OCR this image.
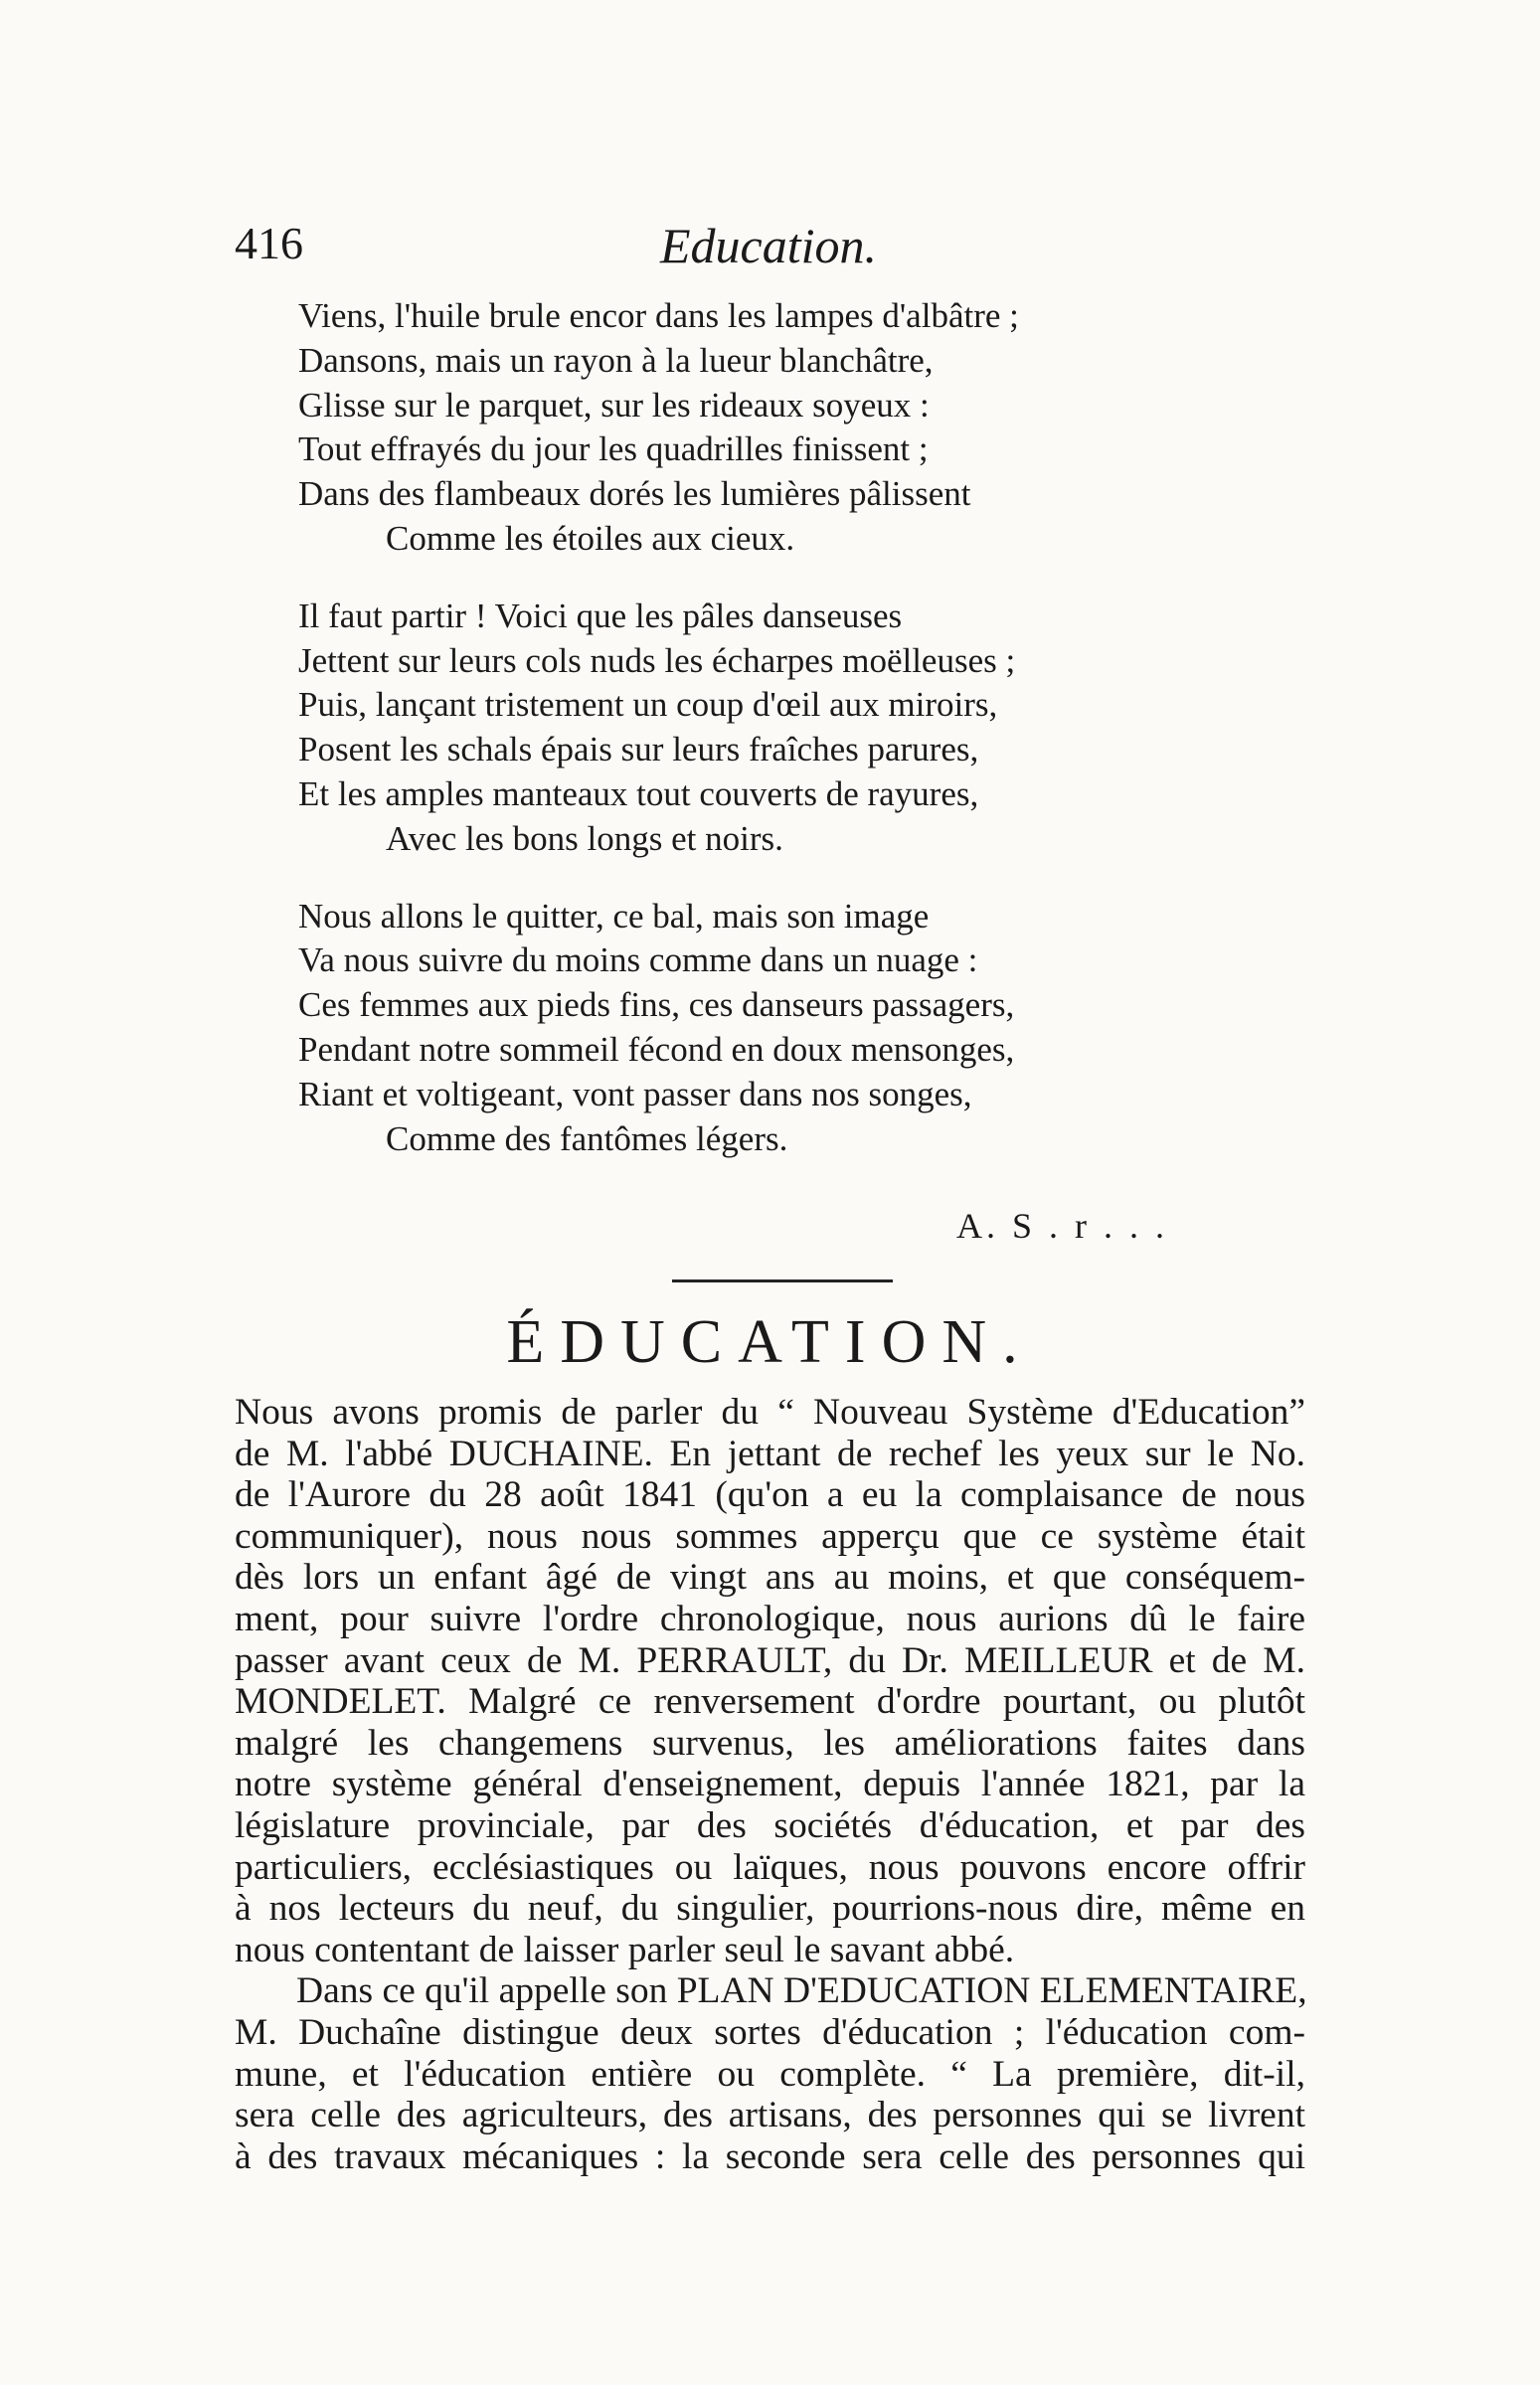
416	Education.
Viens, l'huile brule encor dans les lampes d'albâtre ;
Dansons, mais un rayon à la lueur blanchâtre,
Glisse sur le parquet, sur les rideaux soyeux :
Tout effrayés du jour les quadrilles finissent ;
Dans des flambeaux dorés les lumières pâlissent
Comme les étoiles aux cieux.
Il faut partir ! Voici que les pâles danseuses
Jettent sur leurs cols nuds les écharpes moëlleuses ;
Puis, lançant tristement un coup d'œil aux miroirs,
Posent les schals épais sur leurs fraîches parures,
Et les amples manteaux tout couverts de rayures,
Avec les bons longs et noirs.
Nous allons le quitter, ce bal, mais son image
Va nous suivre du moins comme dans un nuage :
Ces femmes aux pieds fins, ces danseurs passagers,
Pendant notre sommeil fécond en doux mensonges,
Riant et voltigeant, vont passer dans nos songes,
Comme des fantômes légers.
A. S . r . . .
ÉDUCATION.

Nous avons promis de parler du “ Nouveau Système d'Education”
de M. l'abbé DUCHAINE. En jettant de rechef les yeux sur le No.
de l'Aurore du 28 août 1841 (qu'on a eu la complaisance de nous
communiquer), nous nous sommes apperçu que ce système était
dès lors un enfant âgé de vingt ans au moins, et que conséquem-
ment, pour suivre l'ordre chronologique, nous aurions dû le faire
passer avant ceux de M. PERRAULT, du Dr. MEILLEUR et de M.
MONDELET. Malgré ce renversement d'ordre pourtant, ou plutôt
malgré les changemens survenus, les améliorations faites dans
notre système général d'enseignement, depuis l'année 1821, par la
législature provinciale, par des sociétés d'éducation, et par des
particuliers, ecclésiastiques ou laïques, nous pouvons encore offrir
à nos lecteurs du neuf, du singulier, pourrions-nous dire, même en
nous contentant de laisser parler seul le savant abbé.

Dans ce qu'il appelle son PLAN D'EDUCATION ELEMENTAIRE,
M. Duchaîne distingue deux sortes d'éducation ; l'éducation com-
mune, et l'éducation entière ou complète. “ La première, dit-il,
sera celle des agriculteurs, des artisans, des personnes qui se livrent
à des travaux mécaniques : la seconde sera celle des personnes qui
